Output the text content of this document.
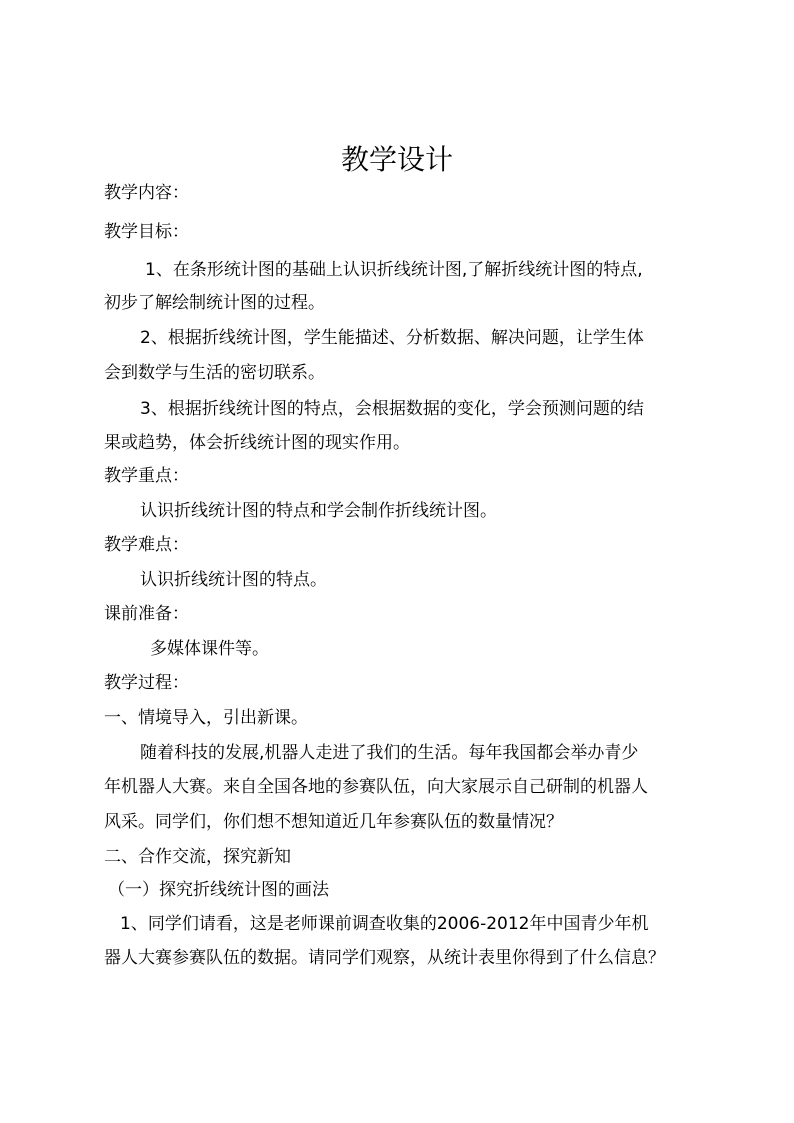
教学设计
教学内容：
教学目标：
1、在条形统计图的基础上认识折线统计图,了解折线统计图的特点,
初步了解绘制统计图的过程。
2、根据折线统计图，学生能描述、分析数据、解决问题，让学生体
会到数学与生活的密切联系。
3、根据折线统计图的特点，会根据数据的变化，学会预测问题的结
果或趋势，体会折线统计图的现实作用。
教学重点：
认识折线统计图的特点和学会制作折线统计图。
教学难点：
认识折线统计图的特点。
课前准备：
多媒体课件等。
教学过程：
一、情境导入，引出新课。
随着科技的发展,机器人走进了我们的生活。每年我国都会举办青少
年机器人大赛。来自全国各地的参赛队伍，向大家展示自己研制的机器人
风采。同学们，你们想不想知道近几年参赛队伍的数量情况？
二、合作交流，探究新知
（一）探究折线统计图的画法
1、同学们请看，这是老师课前调查收集的2006-2012年中国青少年机
器人大赛参赛队伍的数据。请同学们观察，从统计表里你得到了什么信息？
